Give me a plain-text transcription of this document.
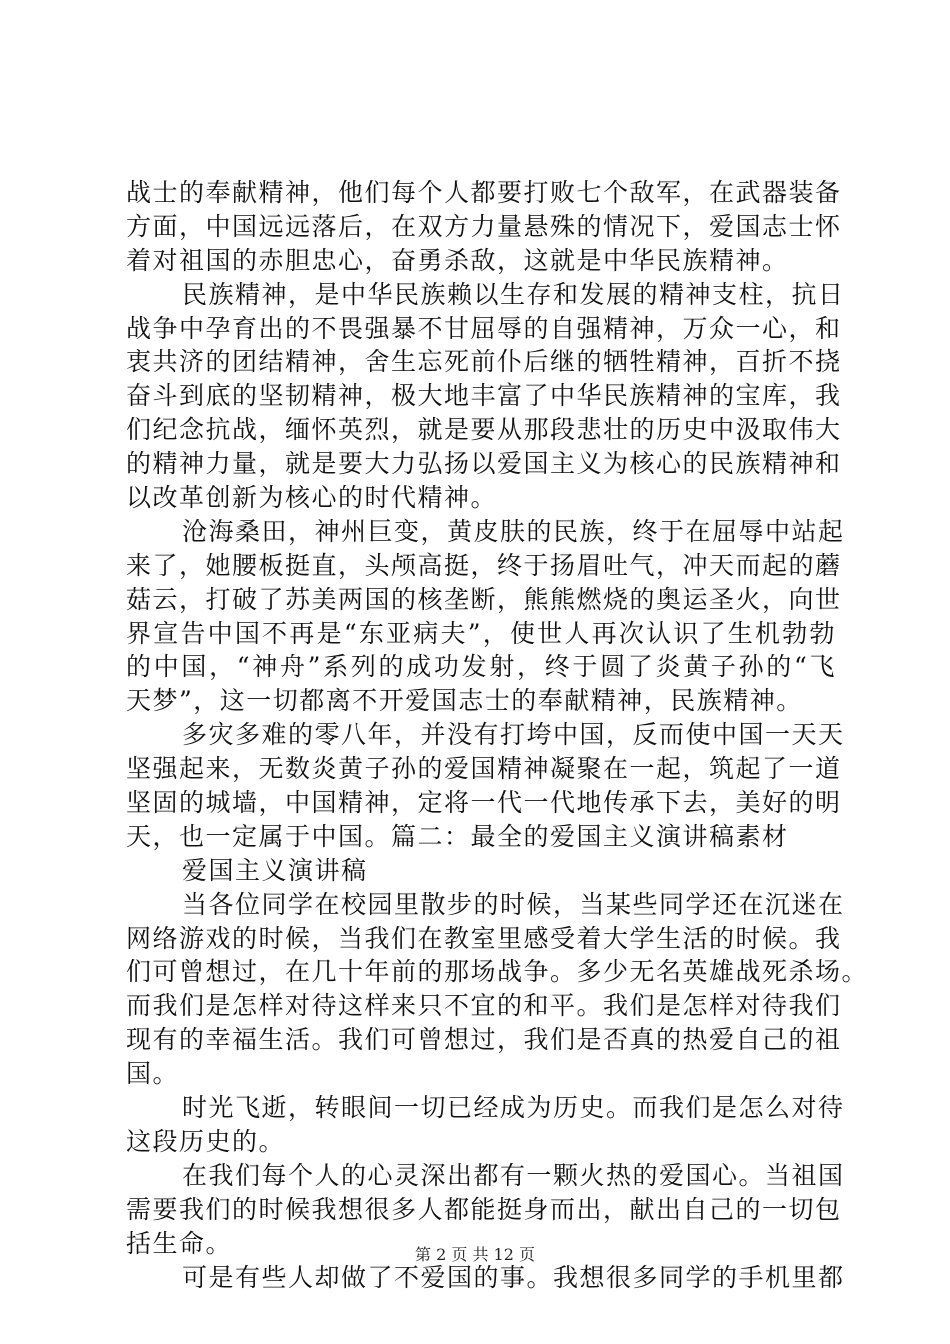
战士的奉献精神，他们每个人都要打败七个敌军，在武器装备
方面，中国远远落后，在双方力量悬殊的情况下，爱国志士怀
着对祖国的赤胆忠心，奋勇杀敌，这就是中华民族精神。
民族精神，是中华民族赖以生存和发展的精神支柱，抗日
战争中孕育出的不畏强暴不甘屈辱的自强精神，万众一心，和
衷共济的团结精神，舍生忘死前仆后继的牺牲精神，百折不挠
奋斗到底的坚韧精神，极大地丰富了中华民族精神的宝库，我
们纪念抗战，缅怀英烈，就是要从那段悲壮的历史中汲取伟大
的精神力量，就是要大力弘扬以爱国主义为核心的民族精神和
以改革创新为核心的时代精神。
沧海桑田，神州巨变，黄皮肤的民族，终于在屈辱中站起
来了，她腰板挺直，头颅高挺，终于扬眉吐气，冲天而起的蘑
菇云，打破了苏美两国的核垄断，熊熊燃烧的奥运圣火，向世
界宣告中国不再是“东亚病夫”，使世人再次认识了生机勃勃
的中国，“神舟”系列的成功发射，终于圆了炎黄子孙的“飞
天梦”，这一切都离不开爱国志士的奉献精神，民族精神。
多灾多难的零八年，并没有打垮中国，反而使中国一天天
坚强起来，无数炎黄子孙的爱国精神凝聚在一起，筑起了一道
坚固的城墙，中国精神，定将一代一代地传承下去，美好的明
天，也一定属于中国。篇二：最全的爱国主义演讲稿素材
爱国主义演讲稿
当各位同学在校园里散步的时候，当某些同学还在沉迷在
网络游戏的时候，当我们在教室里感受着大学生活的时候。我
们可曾想过，在几十年前的那场战争。多少无名英雄战死杀场。
而我们是怎样对待这样来只不宜的和平。我们是怎样对待我们
现有的幸福生活。我们可曾想过，我们是否真的热爱自己的祖
国。
时光飞逝，转眼间一切已经成为历史。而我们是怎么对待
这段历史的。
在我们每个人的心灵深出都有一颗火热的爱国心。当祖国
需要我们的时候我想很多人都能挺身而出，献出自己的一切包
括生命。
可是有些人却做了不爱国的事。我想很多同学的手机里都
第 2 页 共 12 页
